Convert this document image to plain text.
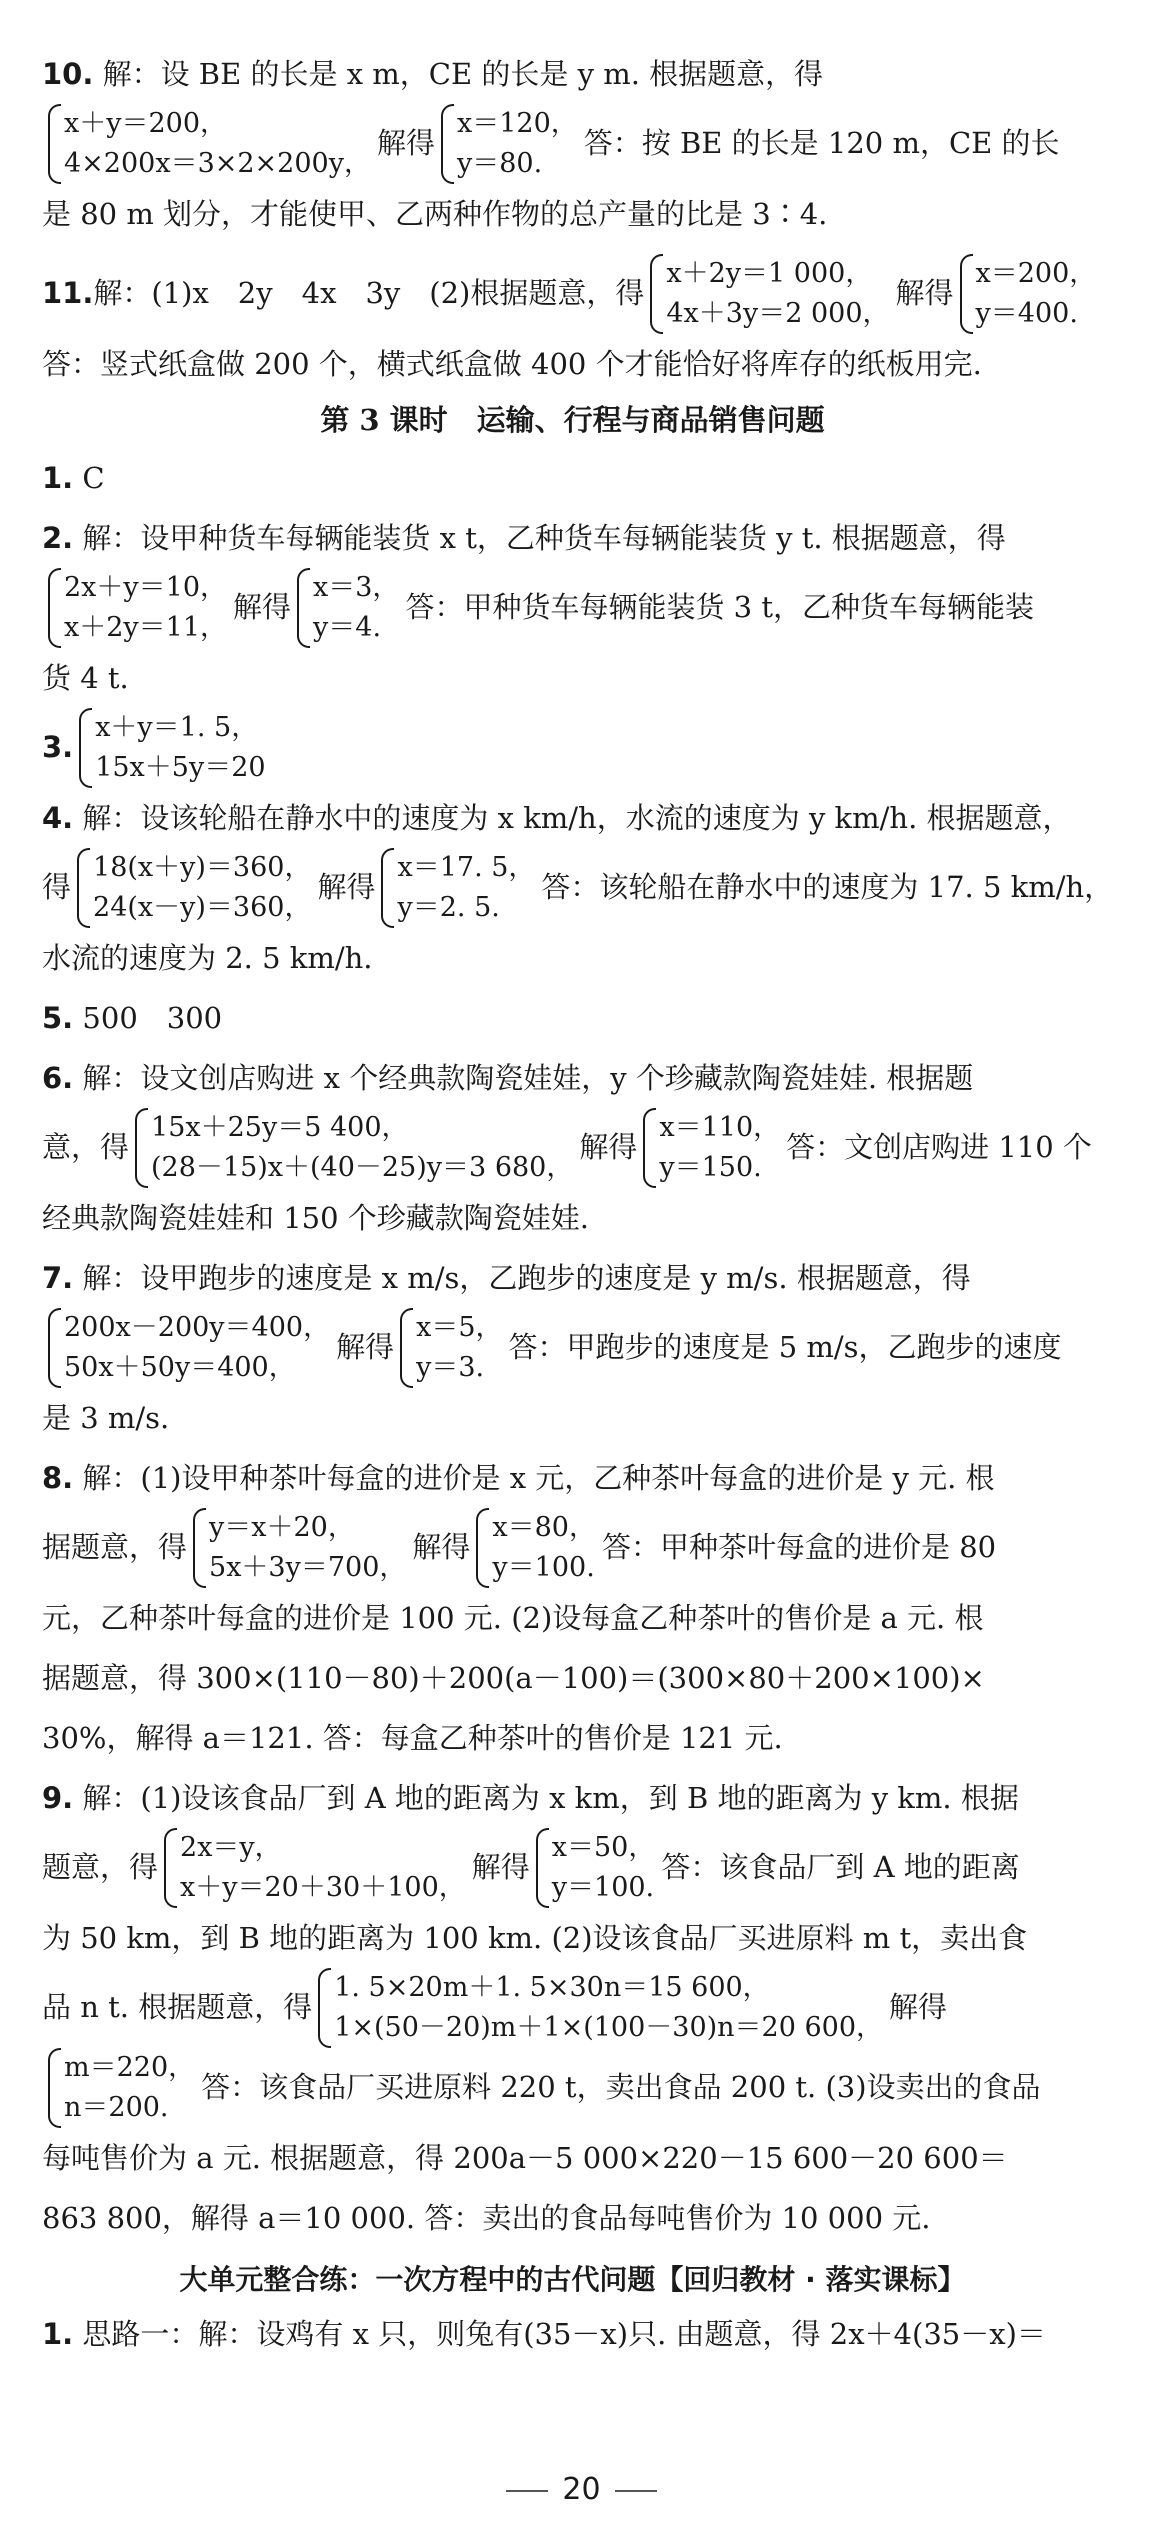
10. 解：设 BE 的长是 x m，CE 的长是 y m. 根据题意，得
x＋y＝200，
4×200x＝3×2×200y，
解得
x＝120，
y＝80.
答：按 BE 的长是 120 m，CE 的长
是 80 m 划分，才能使甲、乙两种作物的总产量的比是 3∶4.
11. 解：(1)x　2y　4x　3y　(2)根据题意，得
x＋2y＝1 000，
4x＋3y＝2 000，
解得
x＝200，
y＝400.
答：竖式纸盒做 200 个，横式纸盒做 400 个才能恰好将库存的纸板用完.
第 3 课时　运输、行程与商品销售问题
1. C
2. 解：设甲种货车每辆能装货 x t，乙种货车每辆能装货 y t. 根据题意，得
2x＋y＝10，
x＋2y＝11，
解得
x＝3，
y＝4.
答：甲种货车每辆能装货 3 t，乙种货车每辆能装
货 4 t.
3.
x＋y＝1. 5，
15x＋5y＝20
4. 解：设该轮船在静水中的速度为 x km/h，水流的速度为 y km/h. 根据题意，
得
18(x＋y)＝360，
24(x－y)＝360，
解得
x＝17. 5，
y＝2. 5.
答：该轮船在静水中的速度为 17. 5 km/h，
水流的速度为 2. 5 km/h.
5. 500　300
6. 解：设文创店购进 x 个经典款陶瓷娃娃，y 个珍藏款陶瓷娃娃. 根据题
意，得
15x＋25y＝5 400，
(28－15)x＋(40－25)y＝3 680，
解得
x＝110，
y＝150.
答：文创店购进 110 个
经典款陶瓷娃娃和 150 个珍藏款陶瓷娃娃.
7. 解：设甲跑步的速度是 x m/s，乙跑步的速度是 y m/s. 根据题意，得
200x－200y＝400，
50x＋50y＝400，
解得
x＝5，
y＝3.
答：甲跑步的速度是 5 m/s，乙跑步的速度
是 3 m/s.
8. 解：(1)设甲种茶叶每盒的进价是 x 元，乙种茶叶每盒的进价是 y 元. 根
据题意，得
y＝x＋20，
5x＋3y＝700，
解得
x＝80，
y＝100.
答：甲种茶叶每盒的进价是 80
元，乙种茶叶每盒的进价是 100 元. (2)设每盒乙种茶叶的售价是 a 元. 根
据题意，得 300×(110－80)＋200(a－100)＝(300×80＋200×100)×
30%，解得 a＝121. 答：每盒乙种茶叶的售价是 121 元.
9. 解：(1)设该食品厂到 A 地的距离为 x km，到 B 地的距离为 y km. 根据
题意，得
2x＝y，
x＋y＝20＋30＋100，
解得
x＝50，
y＝100.
答：该食品厂到 A 地的距离
为 50 km，到 B 地的距离为 100 km. (2)设该食品厂买进原料 m t，卖出食
品 n t. 根据题意，得
1. 5×20m＋1. 5×30n＝15 600，
1×(50－20)m＋1×(100－30)n＝20 600，
解得
m＝220，
n＝200.
答：该食品厂买进原料 220 t，卖出食品 200 t. (3)设卖出的食品
每吨售价为 a 元. 根据题意，得 200a－5 000×220－15 600－20 600＝
863 800，解得 a＝10 000. 答：卖出的食品每吨售价为 10 000 元.
大单元整合练：一次方程中的古代问题【回归教材 · 落实课标】
1. 思路一：解：设鸡有 x 只，则兔有(35－x)只. 由题意，得 2x＋4(35－x)＝
20
